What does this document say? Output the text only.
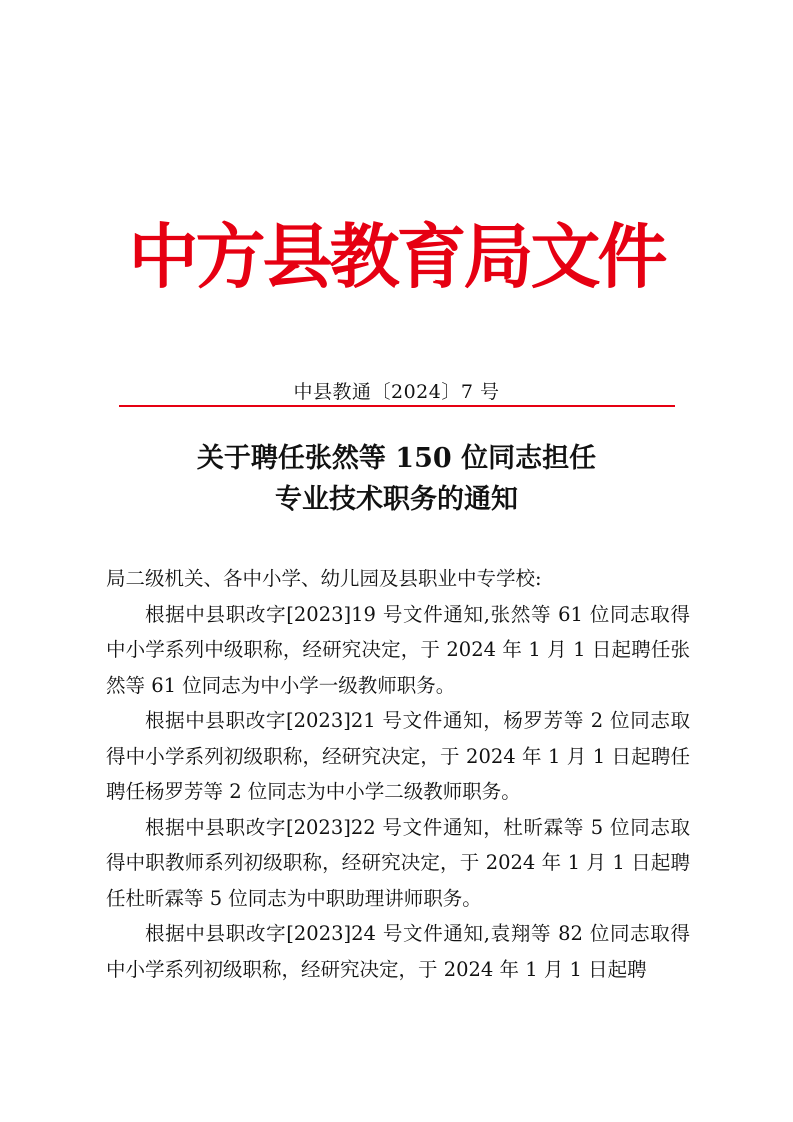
中方县教育局文件
中县教通〔2024〕7 号
关于聘任张然等 150 位同志担任
专业技术职务的通知

局二级机关、各中小学、幼儿园及县职业中专学校:

根据中县职改字[2023]19 号文件通知,张然等 61 位同志取得中小学系列中级职称，经研究决定，于 2024 年 1 月 1 日起聘任张然等 61 位同志为中小学一级教师职务。

根据中县职改字[2023]21 号文件通知，杨罗芳等 2 位同志取得中小学系列初级职称，经研究决定，于 2024 年 1 月 1 日起聘任聘任杨罗芳等 2 位同志为中小学二级教师职务。

根据中县职改字[2023]22 号文件通知，杜昕霖等 5 位同志取得中职教师系列初级职称，经研究决定，于 2024 年 1 月 1 日起聘任杜昕霖等 5 位同志为中职助理讲师职务。

根据中县职改字[2023]24 号文件通知,袁翔等 82 位同志取得中小学系列初级职称，经研究决定，于 2024 年 1 月 1 日起聘
